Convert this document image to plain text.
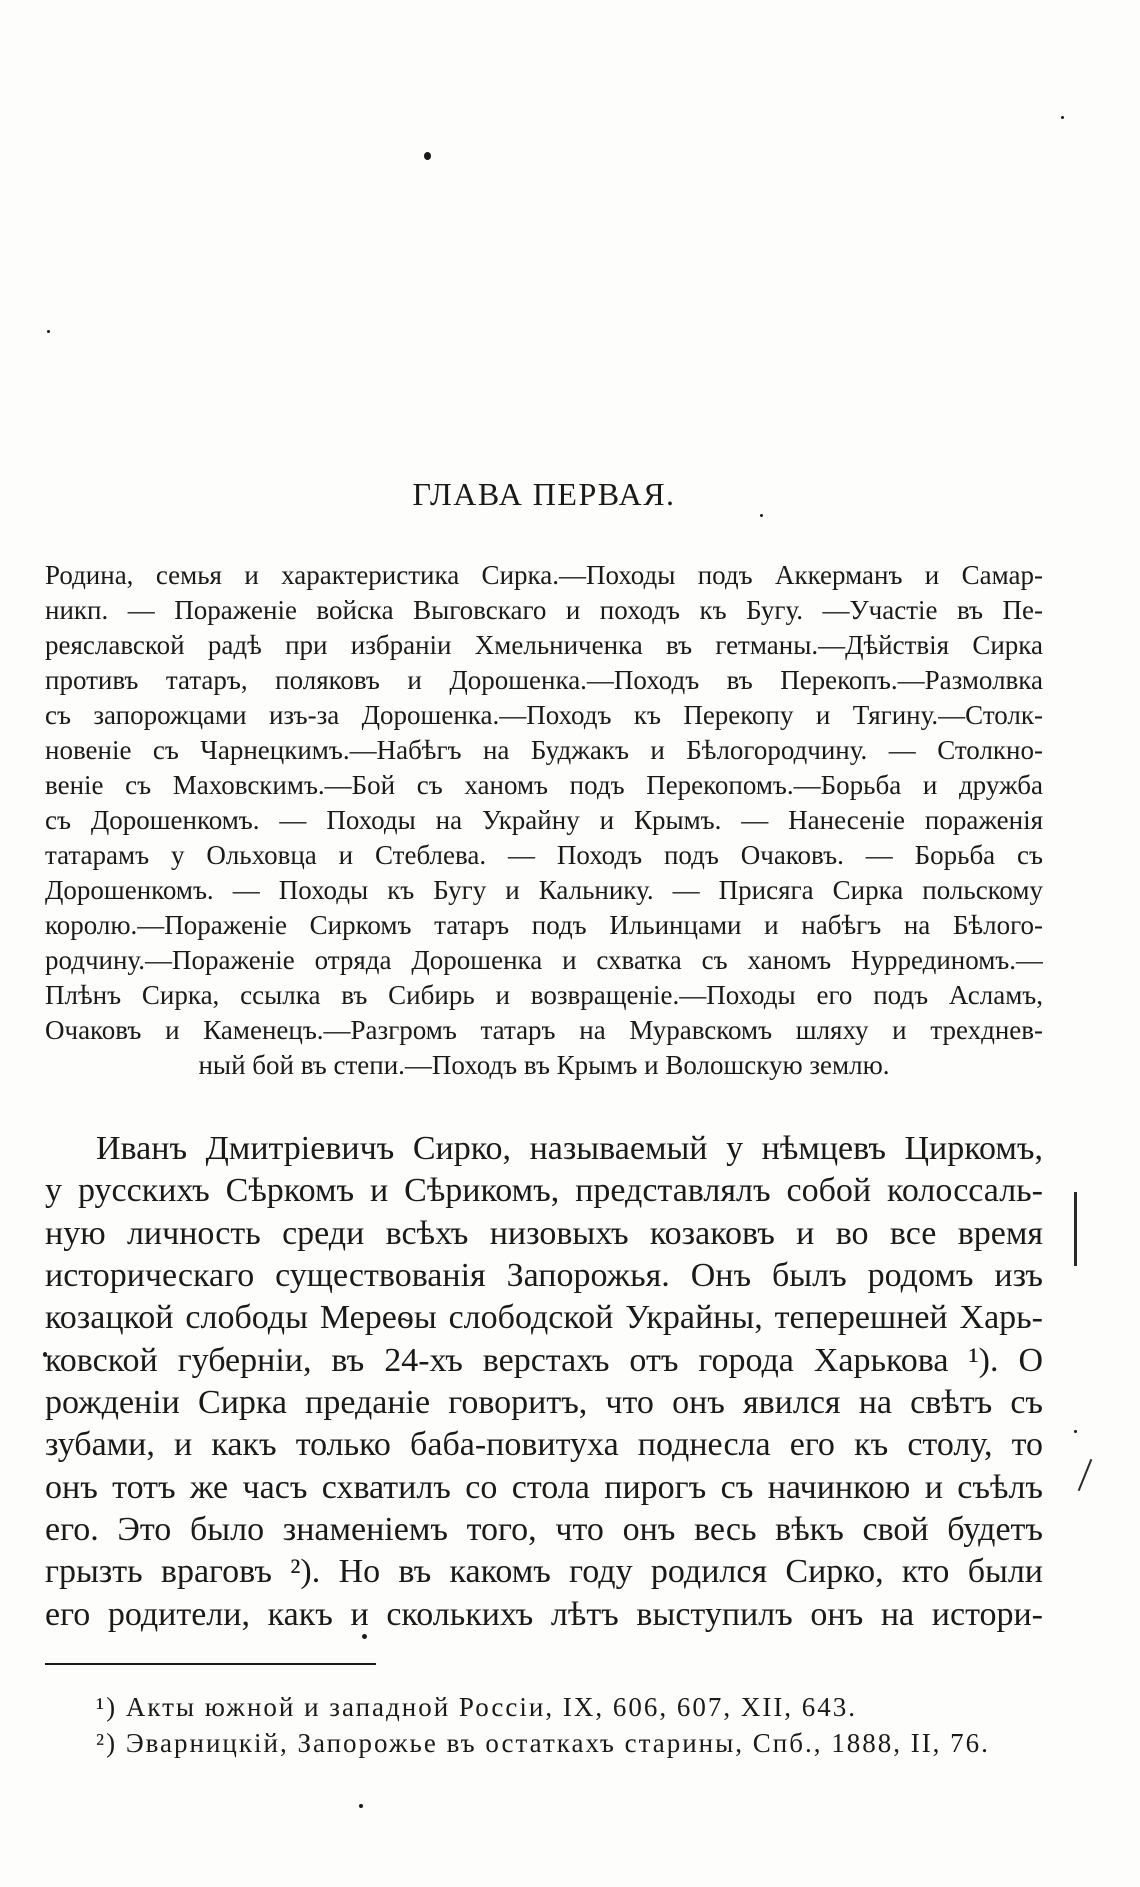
ГЛАВА ПЕРВАЯ.
Родина, семья и характеристика Сирка.—Походы подъ Аккерманъ и Самар-
никп. — Пораженіе войска Выговскаго и походъ къ Бугу. —Участіе въ Пе-
реяславской радѣ при избраніи Хмельниченка въ гетманы.—Дѣйствія Сирка
противъ татаръ, поляковъ и Дорошенка.—Походъ въ Перекопъ.—Размолвка
съ запорожцами изъ-за Дорошенка.—Походъ къ Перекопу и Тягину.—Столк-
новеніе съ Чарнецкимъ.—Набѣгъ на Буджакъ и Бѣлогородчину. — Столкно-
веніе съ Маховскимъ.—Бой съ ханомъ подъ Перекопомъ.—Борьба и дружба
съ Дорошенкомъ. — Походы на Украйну и Крымъ. — Нанесеніе пораженія
татарамъ у Ольховца и Стеблева. — Походъ подъ Очаковъ. — Борьба съ
Дорошенкомъ. — Походы къ Бугу и Кальнику. — Присяга Сирка польскому
королю.—Пораженіе Сиркомъ татаръ подъ Ильинцами и набѣгъ на Бѣлого-
родчину.—Пораженіе отряда Дорошенка и схватка съ ханомъ Нуррединомъ.—
Плѣнъ Сирка, ссылка въ Сибирь и возвращеніе.—Походы его подъ Асламъ,
Очаковъ и Каменецъ.—Разгромъ татаръ на Муравскомъ шляху и трехднев-
ный бой въ степи.—Походъ въ Крымъ и Волошскую землю.
Иванъ Дмитріевичъ Сирко, называемый у нѣмцевъ Циркомъ,
у русскихъ Сѣркомъ и Сѣрикомъ, представлялъ собой колоссаль-
ную личность среди всѣхъ низовыхъ козаковъ и во все время
историческаго существованія Запорожья. Онъ былъ родомъ изъ
козацкой слободы Мереѳы слободской Украйны, теперешней Харь-
ковской губерніи, въ 24-хъ верстахъ отъ города Харькова ¹). О
рожденіи Сирка преданіе говоритъ, что онъ явился на свѣтъ съ
зубами, и какъ только баба-повитуха поднесла его къ столу, то
онъ тотъ же часъ схватилъ со стола пирогъ съ начинкою и съѣлъ
его. Это было знаменіемъ того, что онъ весь вѣкъ свой будетъ
грызть враговъ ²). Но въ какомъ году родился Сирко, кто были
его родители, какъ и сколькихъ лѣтъ выступилъ онъ на истори-
¹) Акты южной и западной Россіи, IX, 606, 607, XII, 643.
²) Эварницкій, Запорожье въ остаткахъ старины, Спб., 1888, II, 76.
